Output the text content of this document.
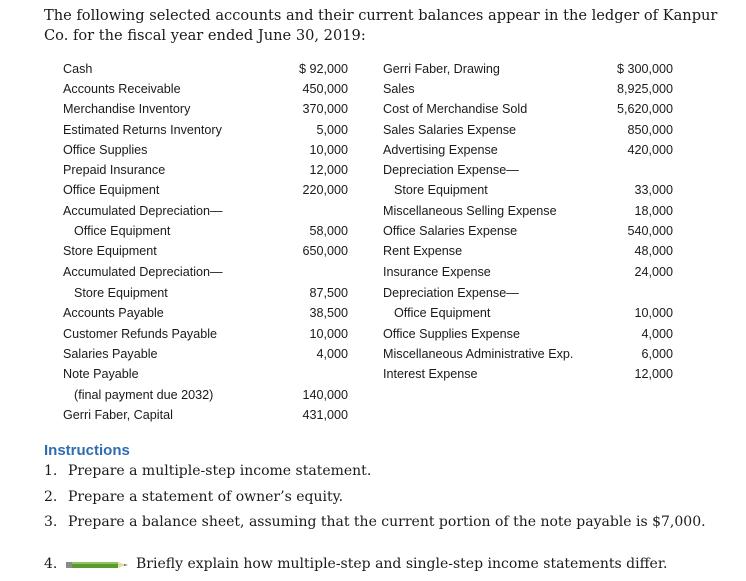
The following selected accounts and their current balances appear in the ledger of Kanpur
Co. for the fiscal year ended June 30, 2019:
Cash	$ 92,000
Accounts Receivable	450,000
Merchandise Inventory	370,000
Estimated Returns Inventory	5,000
Office Supplies	10,000
Prepaid Insurance	12,000
Office Equipment	220,000
Accumulated Depreciation—
Office Equipment	58,000
Store Equipment	650,000
Accumulated Depreciation—
Store Equipment	87,500
Accounts Payable	38,500
Customer Refunds Payable	10,000
Salaries Payable	4,000
Note Payable
(final payment due 2032)	140,000
Gerri Faber, Capital	431,000
Gerri Faber, Drawing	$ 300,000
Sales	8,925,000
Cost of Merchandise Sold	5,620,000
Sales Salaries Expense	850,000
Advertising Expense	420,000
Depreciation Expense—
Store Equipment	33,000
Miscellaneous Selling Expense	18,000
Office Salaries Expense	540,000
Rent Expense	48,000
Insurance Expense	24,000
Depreciation Expense—
Office Equipment	10,000
Office Supplies Expense	4,000
Miscellaneous Administrative Exp.	6,000
Interest Expense	12,000
Instructions
1. Prepare a multiple-step income statement.
2. Prepare a statement of owner’s equity.
3. Prepare a balance sheet, assuming that the current portion of the note payable is $7,000.
4.	Briefly explain how multiple-step and single-step income statements differ.
